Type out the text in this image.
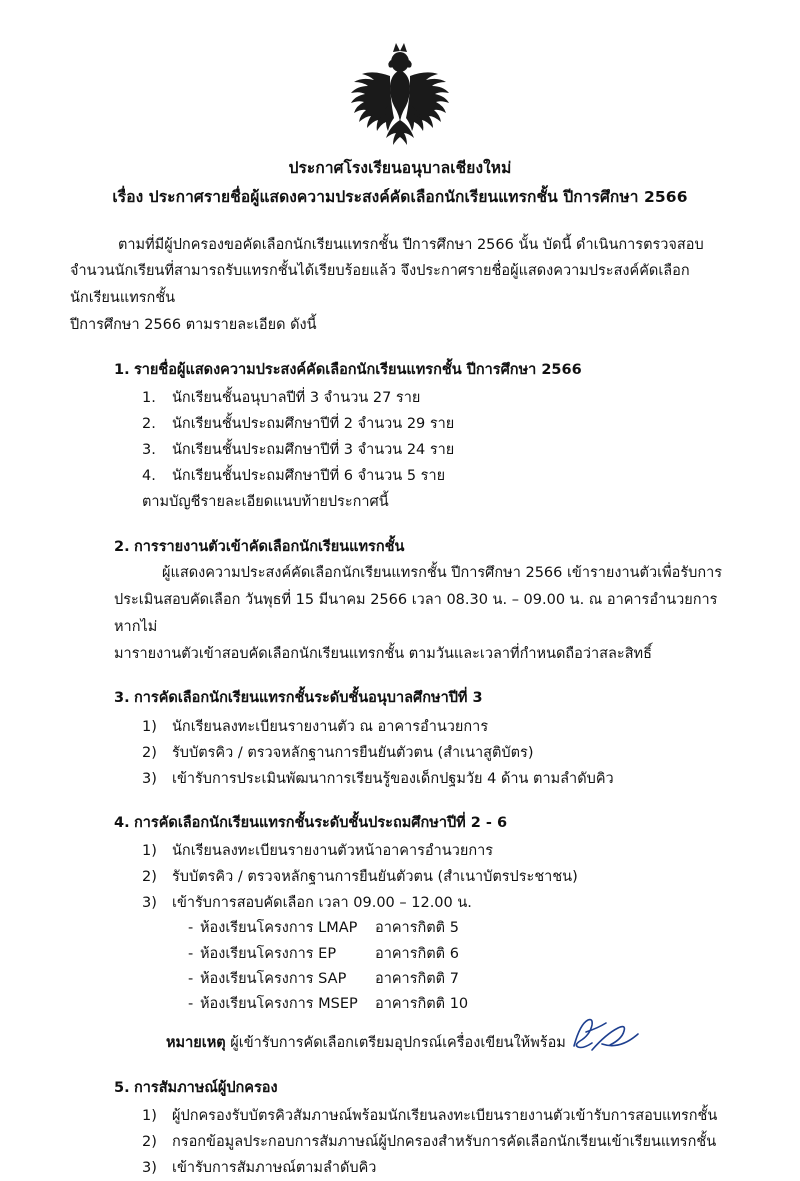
ประกาศโรงเรียนอนุบาลเชียงใหม่
เรื่อง ประกาศรายชื่อผู้แสดงความประสงค์คัดเลือกนักเรียนแทรกชั้น ปีการศึกษา 2566

ตามที่มีผู้ปกครองขอคัดเลือกนักเรียนแทรกชั้น ปีการศึกษา 2566 นั้น บัดนี้ ดำเนินการตรวจสอบ

จำนวนนักเรียนที่สามารถรับแทรกชั้นได้เรียบร้อยแล้ว จึงประกาศรายชื่อผู้แสดงความประสงค์คัดเลือกนักเรียนแทรกชั้น

ปีการศึกษา 2566 ตามรายละเอียด ดังนี้

1. รายชื่อผู้แสดงความประสงค์คัดเลือกนักเรียนแทรกชั้น ปีการศึกษา 2566
1.	นักเรียนชั้นอนุบาลปีที่ 3 จำนวน 27 ราย
2.	นักเรียนชั้นประถมศึกษาปีที่ 2 จำนวน 29 ราย
3.	นักเรียนชั้นประถมศึกษาปีที่ 3 จำนวน 24 ราย
4.	นักเรียนชั้นประถมศึกษาปีที่ 6 จำนวน 5 ราย
ตามบัญชีรายละเอียดแนบท้ายประกาศนี้
2. การรายงานตัวเข้าคัดเลือกนักเรียนแทรกชั้น
ผู้แสดงความประสงค์คัดเลือกนักเรียนแทรกชั้น ปีการศึกษา 2566 เข้ารายงานตัวเพื่อรับการ
ประเมินสอบคัดเลือก วันพุธที่ 15 มีนาคม 2566 เวลา 08.30 น. – 09.00 น. ณ อาคารอำนวยการหากไม่
มารายงานตัวเข้าสอบคัดเลือกนักเรียนแทรกชั้น ตามวันและเวลาที่กำหนดถือว่าสละสิทธิ์
3. การคัดเลือกนักเรียนแทรกชั้นระดับชั้นอนุบาลศึกษาปีที่ 3
1)	นักเรียนลงทะเบียนรายงานตัว ณ อาคารอำนวยการ
2)	รับบัตรคิว / ตรวจหลักฐานการยืนยันตัวตน (สำเนาสูติบัตร)
3)	เข้ารับการประเมินพัฒนาการเรียนรู้ของเด็กปฐมวัย 4 ด้าน ตามลำดับคิว
4. การคัดเลือกนักเรียนแทรกชั้นระดับชั้นประถมศึกษาปีที่ 2 - 6
1)	นักเรียนลงทะเบียนรายงานตัวหน้าอาคารอำนวยการ
2)	รับบัตรคิว / ตรวจหลักฐานการยืนยันตัวตน (สำเนาบัตรประชาชน)
3)	เข้ารับการสอบคัดเลือก เวลา 09.00 – 12.00 น.
- ห้องเรียนโครงการ LMAP	อาคารกิตติ 5
- ห้องเรียนโครงการ EP	อาคารกิตติ 6
- ห้องเรียนโครงการ SAP	อาคารกิตติ 7
- ห้องเรียนโครงการ MSEP	อาคารกิตติ 10
หมายเหตุ ผู้เข้ารับการคัดเลือกเตรียมอุปกรณ์เครื่องเขียนให้พร้อม
5. การสัมภาษณ์ผู้ปกครอง
1)	ผู้ปกครองรับบัตรคิวสัมภาษณ์พร้อมนักเรียนลงทะเบียนรายงานตัวเข้ารับการสอบแทรกชั้น
2)	กรอกข้อมูลประกอบการสัมภาษณ์ผู้ปกครองสำหรับการคัดเลือกนักเรียนเข้าเรียนแทรกชั้น
3)	เข้ารับการสัมภาษณ์ตามลำดับคิว
